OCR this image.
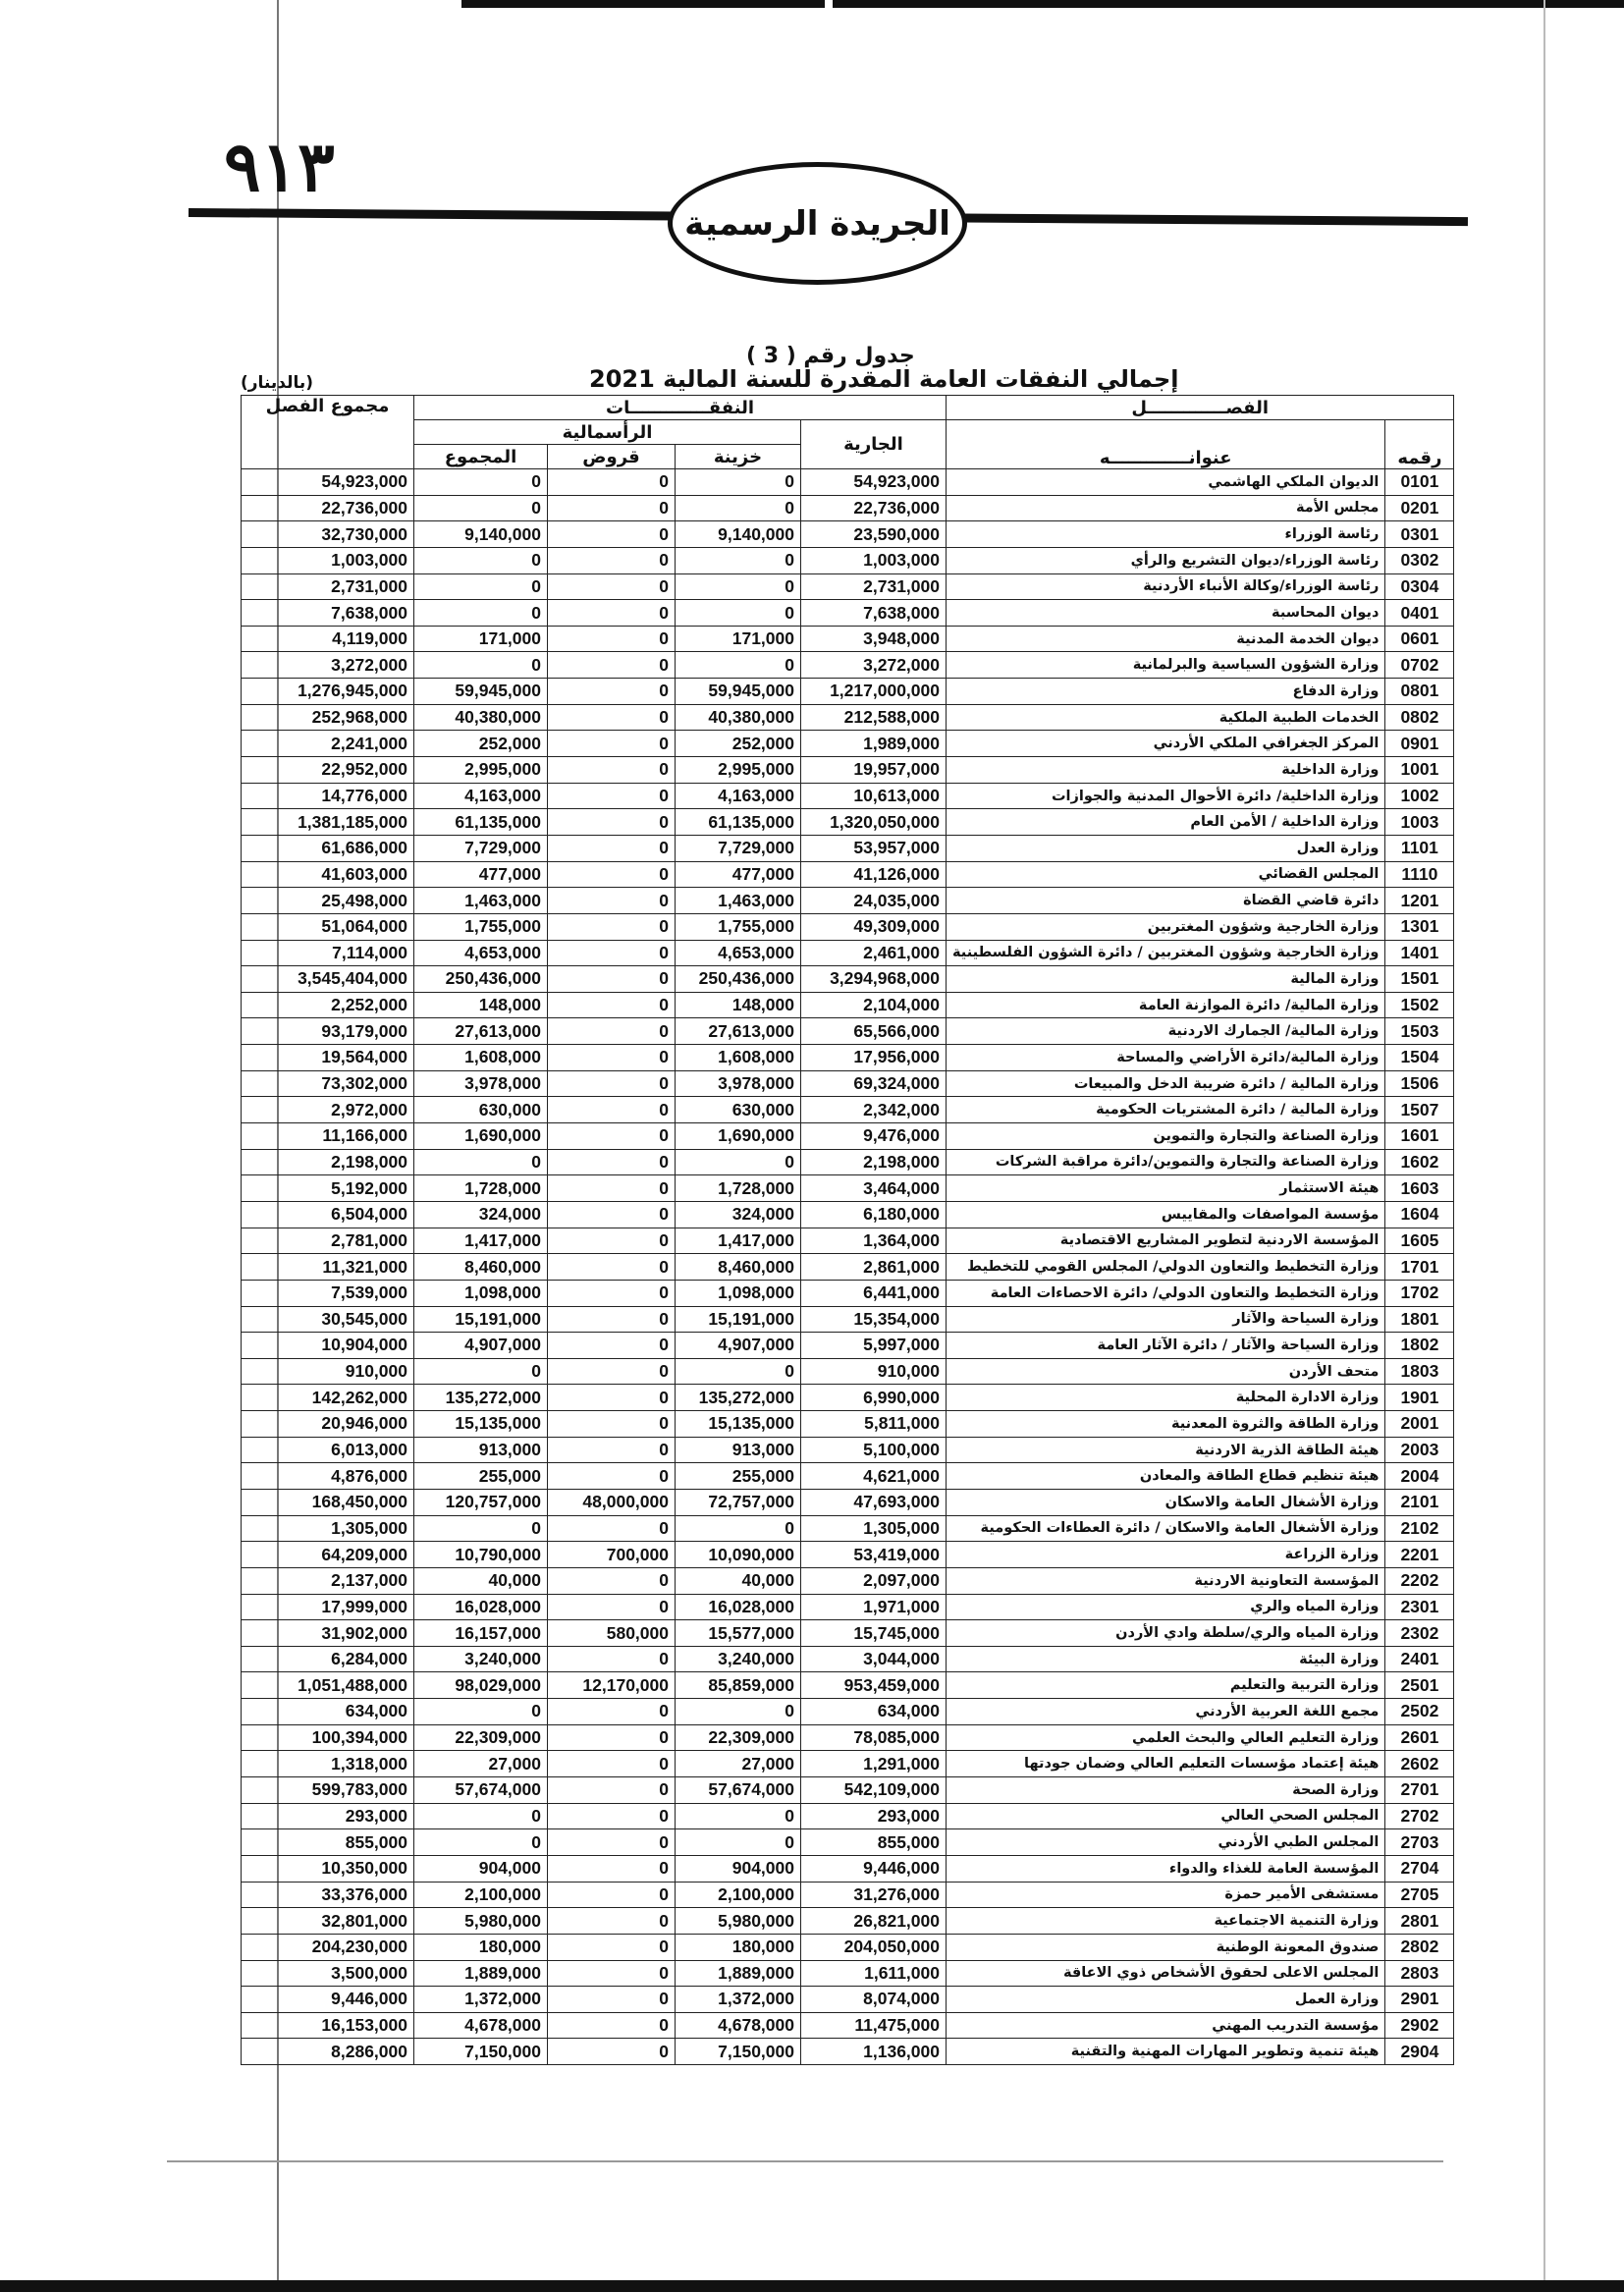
٩١٣
الجريدة الرسمية
جدول رقم ( 3 )
إجمالي النفقات العامة المقدرة للسنة المالية 2021
(بالدينار)
مجموع الفصل	النفقـــــــــــــات				الفصـــــــــــــل	
	الرأسمالية			الجارية	عنوانـــــــــــــه	رقمه
	المجموع	قروض	خزينة			
54,923,000	0	0	0	54,923,000	الديوان الملكي الهاشمي	0101
22,736,000	0	0	0	22,736,000	مجلس الأمة	0201
32,730,000	9,140,000	0	9,140,000	23,590,000	رئاسة الوزراء	0301
1,003,000	0	0	0	1,003,000	رئاسة الوزراء/ديوان التشريع والرأي	0302
2,731,000	0	0	0	2,731,000	رئاسة الوزراء/وكالة الأنباء الأردنية	0304
7,638,000	0	0	0	7,638,000	ديوان المحاسبة	0401
4,119,000	171,000	0	171,000	3,948,000	ديوان الخدمة المدنية	0601
3,272,000	0	0	0	3,272,000	وزارة الشؤون السياسية والبرلمانية	0702
1,276,945,000	59,945,000	0	59,945,000	1,217,000,000	وزارة الدفاع	0801
252,968,000	40,380,000	0	40,380,000	212,588,000	الخدمات الطبية الملكية	0802
2,241,000	252,000	0	252,000	1,989,000	المركز الجغرافي الملكي الأردني	0901
22,952,000	2,995,000	0	2,995,000	19,957,000	وزارة الداخلية	1001
14,776,000	4,163,000	0	4,163,000	10,613,000	وزارة الداخلية/ دائرة الأحوال المدنية والجوازات	1002
1,381,185,000	61,135,000	0	61,135,000	1,320,050,000	وزارة الداخلية / الأمن العام	1003
61,686,000	7,729,000	0	7,729,000	53,957,000	وزارة العدل	1101
41,603,000	477,000	0	477,000	41,126,000	المجلس القضائي	1110
25,498,000	1,463,000	0	1,463,000	24,035,000	دائرة قاضي القضاة	1201
51,064,000	1,755,000	0	1,755,000	49,309,000	وزارة الخارجية وشؤون المغتربين	1301
7,114,000	4,653,000	0	4,653,000	2,461,000	وزارة الخارجية وشؤون المغتربين / دائرة الشؤون الفلسطينية	1401
3,545,404,000	250,436,000	0	250,436,000	3,294,968,000	وزارة المالية	1501
2,252,000	148,000	0	148,000	2,104,000	وزارة المالية/ دائرة الموازنة العامة	1502
93,179,000	27,613,000	0	27,613,000	65,566,000	وزارة المالية/ الجمارك الاردنية	1503
19,564,000	1,608,000	0	1,608,000	17,956,000	وزارة المالية/دائرة الأراضي والمساحة	1504
73,302,000	3,978,000	0	3,978,000	69,324,000	وزارة المالية / دائرة ضريبة الدخل والمبيعات	1506
2,972,000	630,000	0	630,000	2,342,000	وزارة المالية / دائرة المشتريات الحكومية	1507
11,166,000	1,690,000	0	1,690,000	9,476,000	وزارة الصناعة والتجارة والتموين	1601
2,198,000	0	0	0	2,198,000	وزارة الصناعة والتجارة والتموين/دائرة مراقبة الشركات	1602
5,192,000	1,728,000	0	1,728,000	3,464,000	هيئة الاستثمار	1603
6,504,000	324,000	0	324,000	6,180,000	مؤسسة المواصفات والمقاييس	1604
2,781,000	1,417,000	0	1,417,000	1,364,000	المؤسسة الاردنية لتطوير المشاريع الاقتصادية	1605
11,321,000	8,460,000	0	8,460,000	2,861,000	وزارة التخطيط والتعاون الدولي/ المجلس القومي للتخطيط	1701
7,539,000	1,098,000	0	1,098,000	6,441,000	وزارة التخطيط والتعاون الدولي/ دائرة الاحصاءات العامة	1702
30,545,000	15,191,000	0	15,191,000	15,354,000	وزارة السياحة والآثار	1801
10,904,000	4,907,000	0	4,907,000	5,997,000	وزارة السياحة والآثار / دائرة الآثار العامة	1802
910,000	0	0	0	910,000	متحف الأردن	1803
142,262,000	135,272,000	0	135,272,000	6,990,000	وزارة الادارة المحلية	1901
20,946,000	15,135,000	0	15,135,000	5,811,000	وزارة الطاقة والثروة المعدنية	2001
6,013,000	913,000	0	913,000	5,100,000	هيئة الطاقة الذرية الاردنية	2003
4,876,000	255,000	0	255,000	4,621,000	هيئة تنظيم قطاع الطاقة والمعادن	2004
168,450,000	120,757,000	48,000,000	72,757,000	47,693,000	وزارة الأشغال العامة والاسكان	2101
1,305,000	0	0	0	1,305,000	وزارة الأشغال العامة والاسكان / دائرة العطاءات الحكومية	2102
64,209,000	10,790,000	700,000	10,090,000	53,419,000	وزارة الزراعة	2201
2,137,000	40,000	0	40,000	2,097,000	المؤسسة التعاونية الاردنية	2202
17,999,000	16,028,000	0	16,028,000	1,971,000	وزارة المياه والري	2301
31,902,000	16,157,000	580,000	15,577,000	15,745,000	وزارة المياه والري/سلطة وادي الأردن	2302
6,284,000	3,240,000	0	3,240,000	3,044,000	وزارة البيئة	2401
1,051,488,000	98,029,000	12,170,000	85,859,000	953,459,000	وزارة التربية والتعليم	2501
634,000	0	0	0	634,000	مجمع اللغة العربية الأردني	2502
100,394,000	22,309,000	0	22,309,000	78,085,000	وزارة التعليم العالي والبحث العلمي	2601
1,318,000	27,000	0	27,000	1,291,000	هيئة إعتماد مؤسسات التعليم العالي وضمان جودتها	2602
599,783,000	57,674,000	0	57,674,000	542,109,000	وزارة الصحة	2701
293,000	0	0	0	293,000	المجلس الصحي العالي	2702
855,000	0	0	0	855,000	المجلس الطبي الأردني	2703
10,350,000	904,000	0	904,000	9,446,000	المؤسسة العامة للغذاء والدواء	2704
33,376,000	2,100,000	0	2,100,000	31,276,000	مستشفى الأمير حمزة	2705
32,801,000	5,980,000	0	5,980,000	26,821,000	وزارة التنمية الاجتماعية	2801
204,230,000	180,000	0	180,000	204,050,000	صندوق المعونة الوطنية	2802
3,500,000	1,889,000	0	1,889,000	1,611,000	المجلس الاعلى لحقوق الأشخاص ذوي الاعاقة	2803
9,446,000	1,372,000	0	1,372,000	8,074,000	وزارة العمل	2901
16,153,000	4,678,000	0	4,678,000	11,475,000	مؤسسة التدريب المهني	2902
8,286,000	7,150,000	0	7,150,000	1,136,000	هيئة تنمية وتطوير المهارات المهنية والتقنية	2904
